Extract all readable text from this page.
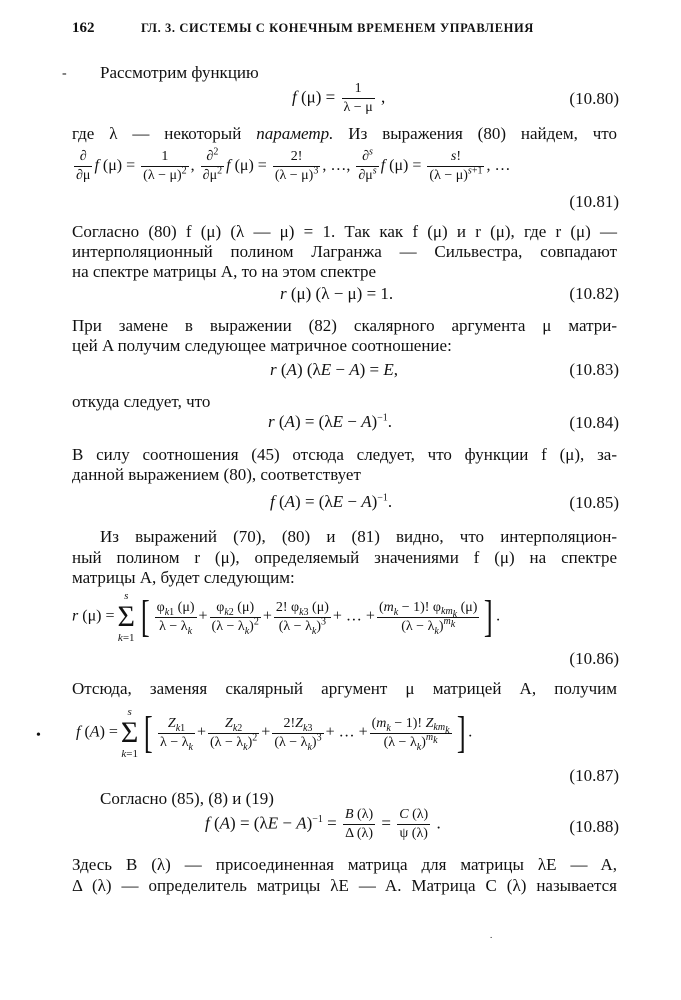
162	ГЛ. 3. СИСТЕМЫ С КОНЕЧНЫМ ВРЕМЕНЕМ УПРАВЛЕНИЯ
- Рассмотрим функцию
f $(\mu) = \frac{1}{\lambda - \mu}$ ,	(10.80)
где λ — некоторый параметр. Из выражения (80) найдем, что
$\frac{\partial}{\partial\mu}$ f $(\mu) = \frac{1}{(\lambda - \mu)^2}$ , $\frac{\partial^2}{\partial\mu^2}$ f $(\mu) = \frac{2!}{(\lambda - \mu)^3}$ , …, $\frac{\partial^s}{\partial\mu^s}$ f $(\mu) = \frac{s!}{(\lambda - \mu)^{s+1}}$ , …
(10.81)
Согласно (80) f (μ) (λ — μ) = 1. Так как f (μ) и r (μ), где r (μ) —
интерполяционный полином Лагранжа — Сильвестра, совпадают
на спектре матрицы A, то на этом спектре
r (μ) (λ − μ) = 1.	(10.82)
При замене в выражении (82) скалярного аргумента μ матри-
цей A получим следующее матричное соотношение:
r (A) (λE − A) = E,	(10.83)
откуда следует, что
r $(A) = (\lambda E - A)^{-1}$.	(10.84)
В силу соотношения (45) отсюда следует, что функции f (μ), за-
данной выражением (80), соответствует
f $(A) = (\lambda E - A)^{-1}$.	(10.85)
Из выражений (70), (80) и (81) видно, что интерполяцион-
ный полином r (μ), определяемый значениями f (μ) на спектре
матрицы A, будет следующим:
r (μ) =
s
Σ
k=1 [ $\frac{\varphi_{k1} (\mu)}{\lambda - \lambda_k} + \frac{\varphi_{k2} (\mu)}{(\lambda - \lambda_k)^2} + \frac{2! \varphi_{k3} (\mu)}{(\lambda - \lambda_k)^3}$ + … + $\frac{(m_k - 1)! \varphi_{km_k} (\mu)}{(\lambda - \lambda_k)^{m_k}}$ ] .
(10.86)
Отсюда, заменяя скалярный аргумент μ матрицей A, получим
• f (A) =
s
Σ
k=1 [ $\frac{Z_{k1}}{\lambda - \lambda_k} + \frac{Z_{k2}}{(\lambda - \lambda_k)^2} + \frac{2!Z_{k3}}{(\lambda - \lambda_k)^3}$ + … + $\frac{(m_k - 1)! Z_{km_k}}{(\lambda - \lambda_k)^{m_k}}$ ] .
(10.87)
Согласно (85), (8) и (19)
f $(A) = (\lambda E - A)^{-1} = \frac{B (\lambda)}{\Delta (\lambda)} = \frac{C (\lambda)}{\psi (\lambda)}$ .	(10.88)
Здесь B (λ) — присоединенная матрица для матрицы λE — A,
Δ (λ) — определитель матрицы λE — A. Матрица C (λ) называется
.
